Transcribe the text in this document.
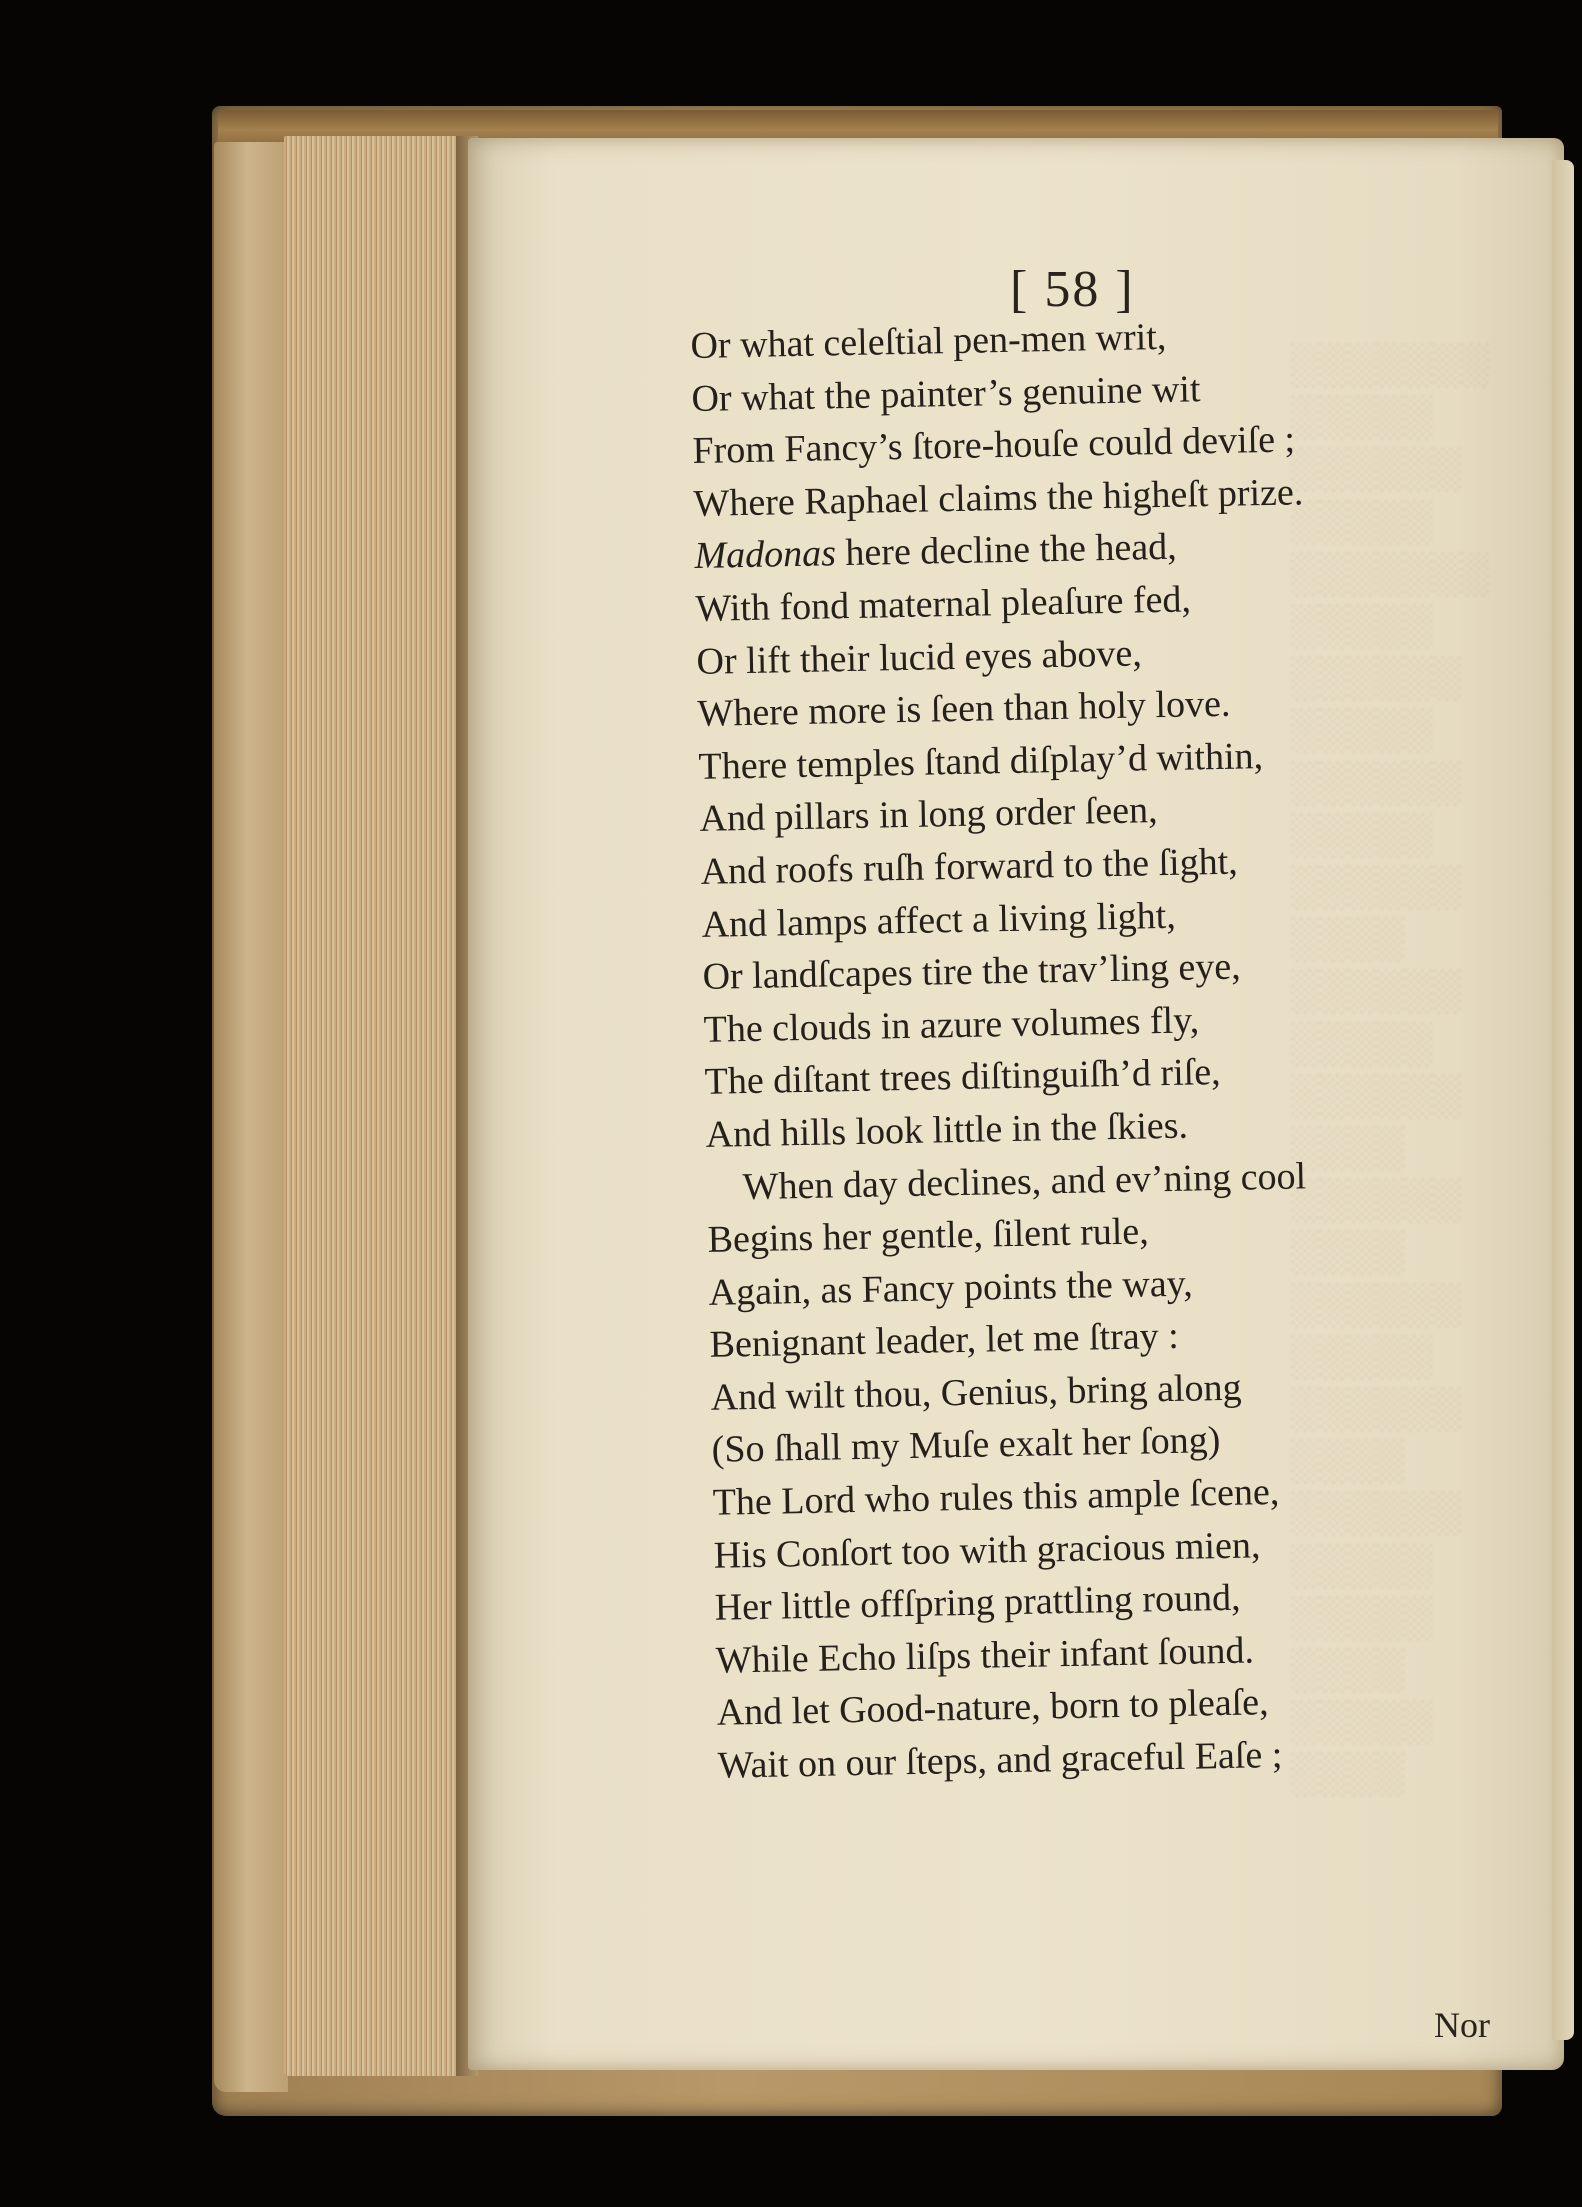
░░░░░░░
░░░░░
░░░░░░
░░░░░
░░░░░░░
░░░░░
░░░░░░
░░░░░
░░░░░░
░░░░░
░░░░░░
░░░░
░░░░░░
░░░░░
░░░░░░
░░░░
░░░░░░
░░░░
░░░░░░
░░░░░
░░░░░░
░░░░
░░░░░░
░░░░░
░░░░░
░░░░
░░░░░
░░░░
[ 58 ]
Or what celeſtial pen-men writ,
Or what the painter’s genuine wit
From Fancy’s ſtore-houſe could deviſe ;
Where Raphael claims the higheſt prize.
Madonas here decline the head,
With fond maternal pleaſure fed,
Or lift their lucid eyes above,
Where more is ſeen than holy love.
There temples ſtand diſplay’d within,
And pillars in long order ſeen,
And roofs ruſh forward to the ſight,
And lamps affect a living light,
Or landſcapes tire the trav’ling eye,
The clouds in azure volumes fly,
The diſtant trees diſtinguiſh’d riſe,
And hills look little in the ſkies.
When day declines, and ev’ning cool
Begins her gentle, ſilent rule,
Again, as Fancy points the way,
Benignant leader, let me ſtray :
And wilt thou, Genius, bring along
(So ſhall my Muſe exalt her ſong)
The Lord who rules this ample ſcene,
His Conſort too with gracious mien,
Her little offſpring prattling round,
While Echo liſps their infant ſound.
And let Good-nature, born to pleaſe,
Wait on our ſteps, and graceful Eaſe ;
Nor
